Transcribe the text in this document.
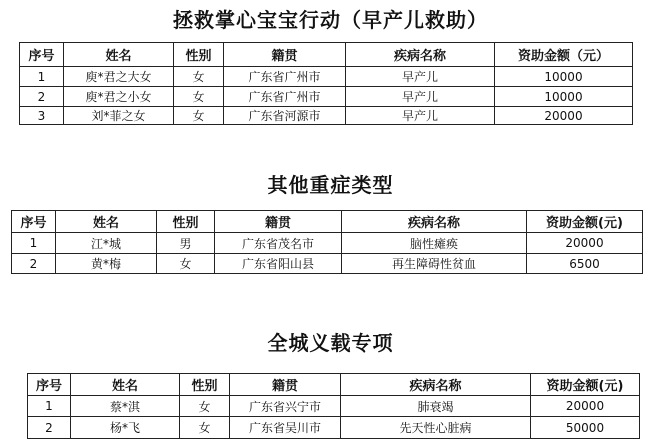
拯救掌心宝宝行动（早产儿救助）
序号	姓名	性别	籍贯	疾病名称	资助金额（元）
1	庾*君之大女	女	广东省广州市	早产儿	10000
2	庾*君之小女	女	广东省广州市	早产儿	10000
3	刘*菲之女	女	广东省河源市	早产儿	20000
其他重症类型
序号	姓名	性别	籍贯	疾病名称	资助金额(元)
1	江*城	男	广东省茂名市	脑性瘫痪	20000
2	黄*梅	女	广东省阳山县	再生障碍性贫血	6500
全城义载专项
序号	姓名	性别	籍贯	疾病名称	资助金额(元)
1	蔡*淇	女	广东省兴宁市	肺衰竭	20000
2	杨*飞	女	广东省吴川市	先天性心脏病	50000
